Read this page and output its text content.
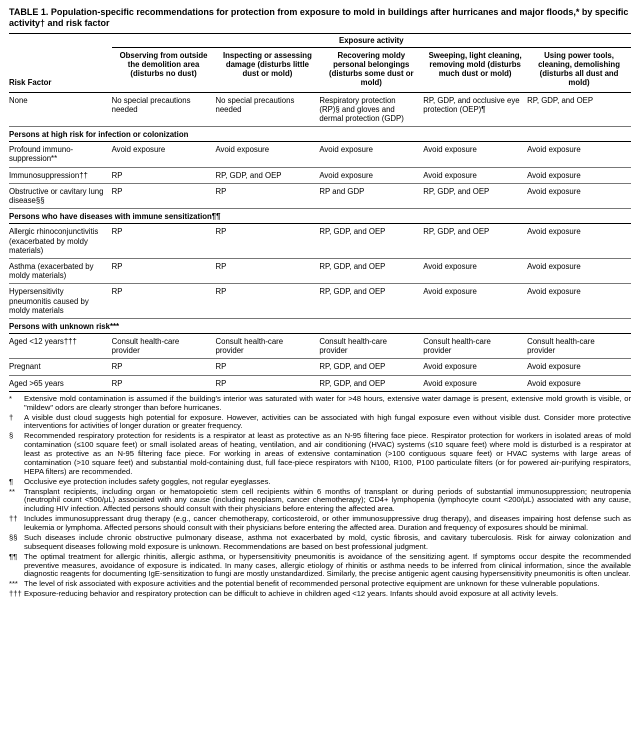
TABLE 1. Population-specific recommendations for protection from exposure to mold in buildings after hurricanes and major floods,* by specific activity† and risk factor
Risk Factor	Exposure activity				
	Observing from outside the demolition area (disturbs no dust)	Inspecting or assessing damage (disturbs little dust or mold)	Recovering moldy personal belongings (disturbs some dust or mold)	Sweeping, light cleaning, removing mold (disturbs much dust or mold)	Using power tools, cleaning, demolishing (disturbs all dust and mold)
None	No special precautions needed	No special precautions needed	Respiratory protection (RP)§ and gloves and dermal protection (GDP)	RP, GDP, and occlusive eye protection (OEP)¶	RP, GDP, and OEP
Persons at high risk for infection or colonization					
Profound immuno-suppression**	Avoid exposure	Avoid exposure	Avoid exposure	Avoid exposure	Avoid exposure
Immunosuppression††	RP	RP, GDP, and OEP	Avoid exposure	Avoid exposure	Avoid exposure
Obstructive or cavitary lung disease§§	RP	RP	RP and GDP	RP, GDP, and OEP	Avoid exposure
Persons who have diseases with immune sensitization¶¶					
Allergic rhinoconjunctivitis (exacerbated by moldy materials)	RP	RP	RP, GDP, and OEP	RP, GDP, and OEP	Avoid exposure
Asthma (exacerbated by moldy materials)	RP	RP	RP, GDP, and OEP	Avoid exposure	Avoid exposure
Hypersensitivity pneumonitis caused by moldy materials	RP	RP	RP, GDP, and OEP	Avoid exposure	Avoid exposure
Persons with unknown risk***					
Aged <12 years†††	Consult health-care provider	Consult health-care provider	Consult health-care provider	Consult health-care provider	Consult health-care provider
Pregnant	RP	RP	RP, GDP, and OEP	Avoid exposure	Avoid exposure
Aged >65 years	RP	RP	RP, GDP, and OEP	Avoid exposure	Avoid exposure
*	Extensive mold contamination is assumed if the building's interior was saturated with water for >48 hours, extensive water damage is present, extensive mold growth is visible, or "mildew" odors are clearly stronger than before hurricanes.
†	A visible dust cloud suggests high potential for exposure. However, activities can be associated with high fungal exposure even without visible dust. Consider more protective interventions for activities of longer duration or greater frequency.
§	Recommended respiratory protection for residents is a respirator at least as protective as an N-95 filtering face piece. Respirator protection for workers in isolated areas of mold contamination (≤100 square feet) or small isolated areas of heating, ventilation, and air conditioning (HVAC) systems (≤10 square feet) where mold is disturbed is a respirator at least as protective as an N-95 filtering face piece. For working in areas of extensive contamination (>100 contiguous square feet) or HVAC systems with large areas of contamination (>10 square feet) and substantial mold-containing dust, full face-piece respirators with N100, R100, P100 particulate filters (or for powered air-purifying respirators, HEPA filters) are recommended.
¶	Occlusive eye protection includes safety goggles, not regular eyeglasses.
**	Transplant recipients, including organ or hematopoietic stem cell recipients within 6 months of transplant or during periods of substantial immunosuppression; neutropenia (neutrophil count <500/μL) associated with any cause (including neoplasm, cancer chemotherapy); CD4+ lymphopenia (lymphocyte count <200/μL) associated with any cause, including HIV infection. Affected persons should consult with their physicians before entering the affected area.
†† Includes immunosuppressant drug therapy (e.g., cancer chemotherapy, corticosteroid, or other immunosuppressive drug therapy), and diseases impairing host defense such as leukemia or lymphoma. Affected persons should consult with their physicians before entering the affected area. Duration and frequency of exposures should be minimal.
§§ Such diseases include chronic obstructive pulmonary disease, asthma not exacerbated by mold, cystic fibrosis, and cavitary tuberculosis. Risk for airway colonization and subsequent diseases following mold exposure is unknown. Recommendations are based on best professional judgment.
¶¶ The optimal treatment for allergic rhinitis, allergic asthma, or hypersensitivity pneumonitis is avoidance of the sensitizing agent. If symptoms occur despite the recommended preventive measures, avoidance of exposure is indicated. In many cases, allergic etiology of rhinitis or asthma needs to be inferred from clinical information, since the available diagnostic reagents for documenting IgE-sensitization to fungi are mostly unstandardized. Similarly, the precise antigenic agent causing hypersensitivity pneumonitis is often unclear.
*** The level of risk associated with exposure activities and the potential benefit of recommended personal protective equipment are unknown for these vulnerable populations.
††† Exposure-reducing behavior and respiratory protection can be difficult to achieve in children aged <12 years. Infants should avoid exposure at all activity levels.
